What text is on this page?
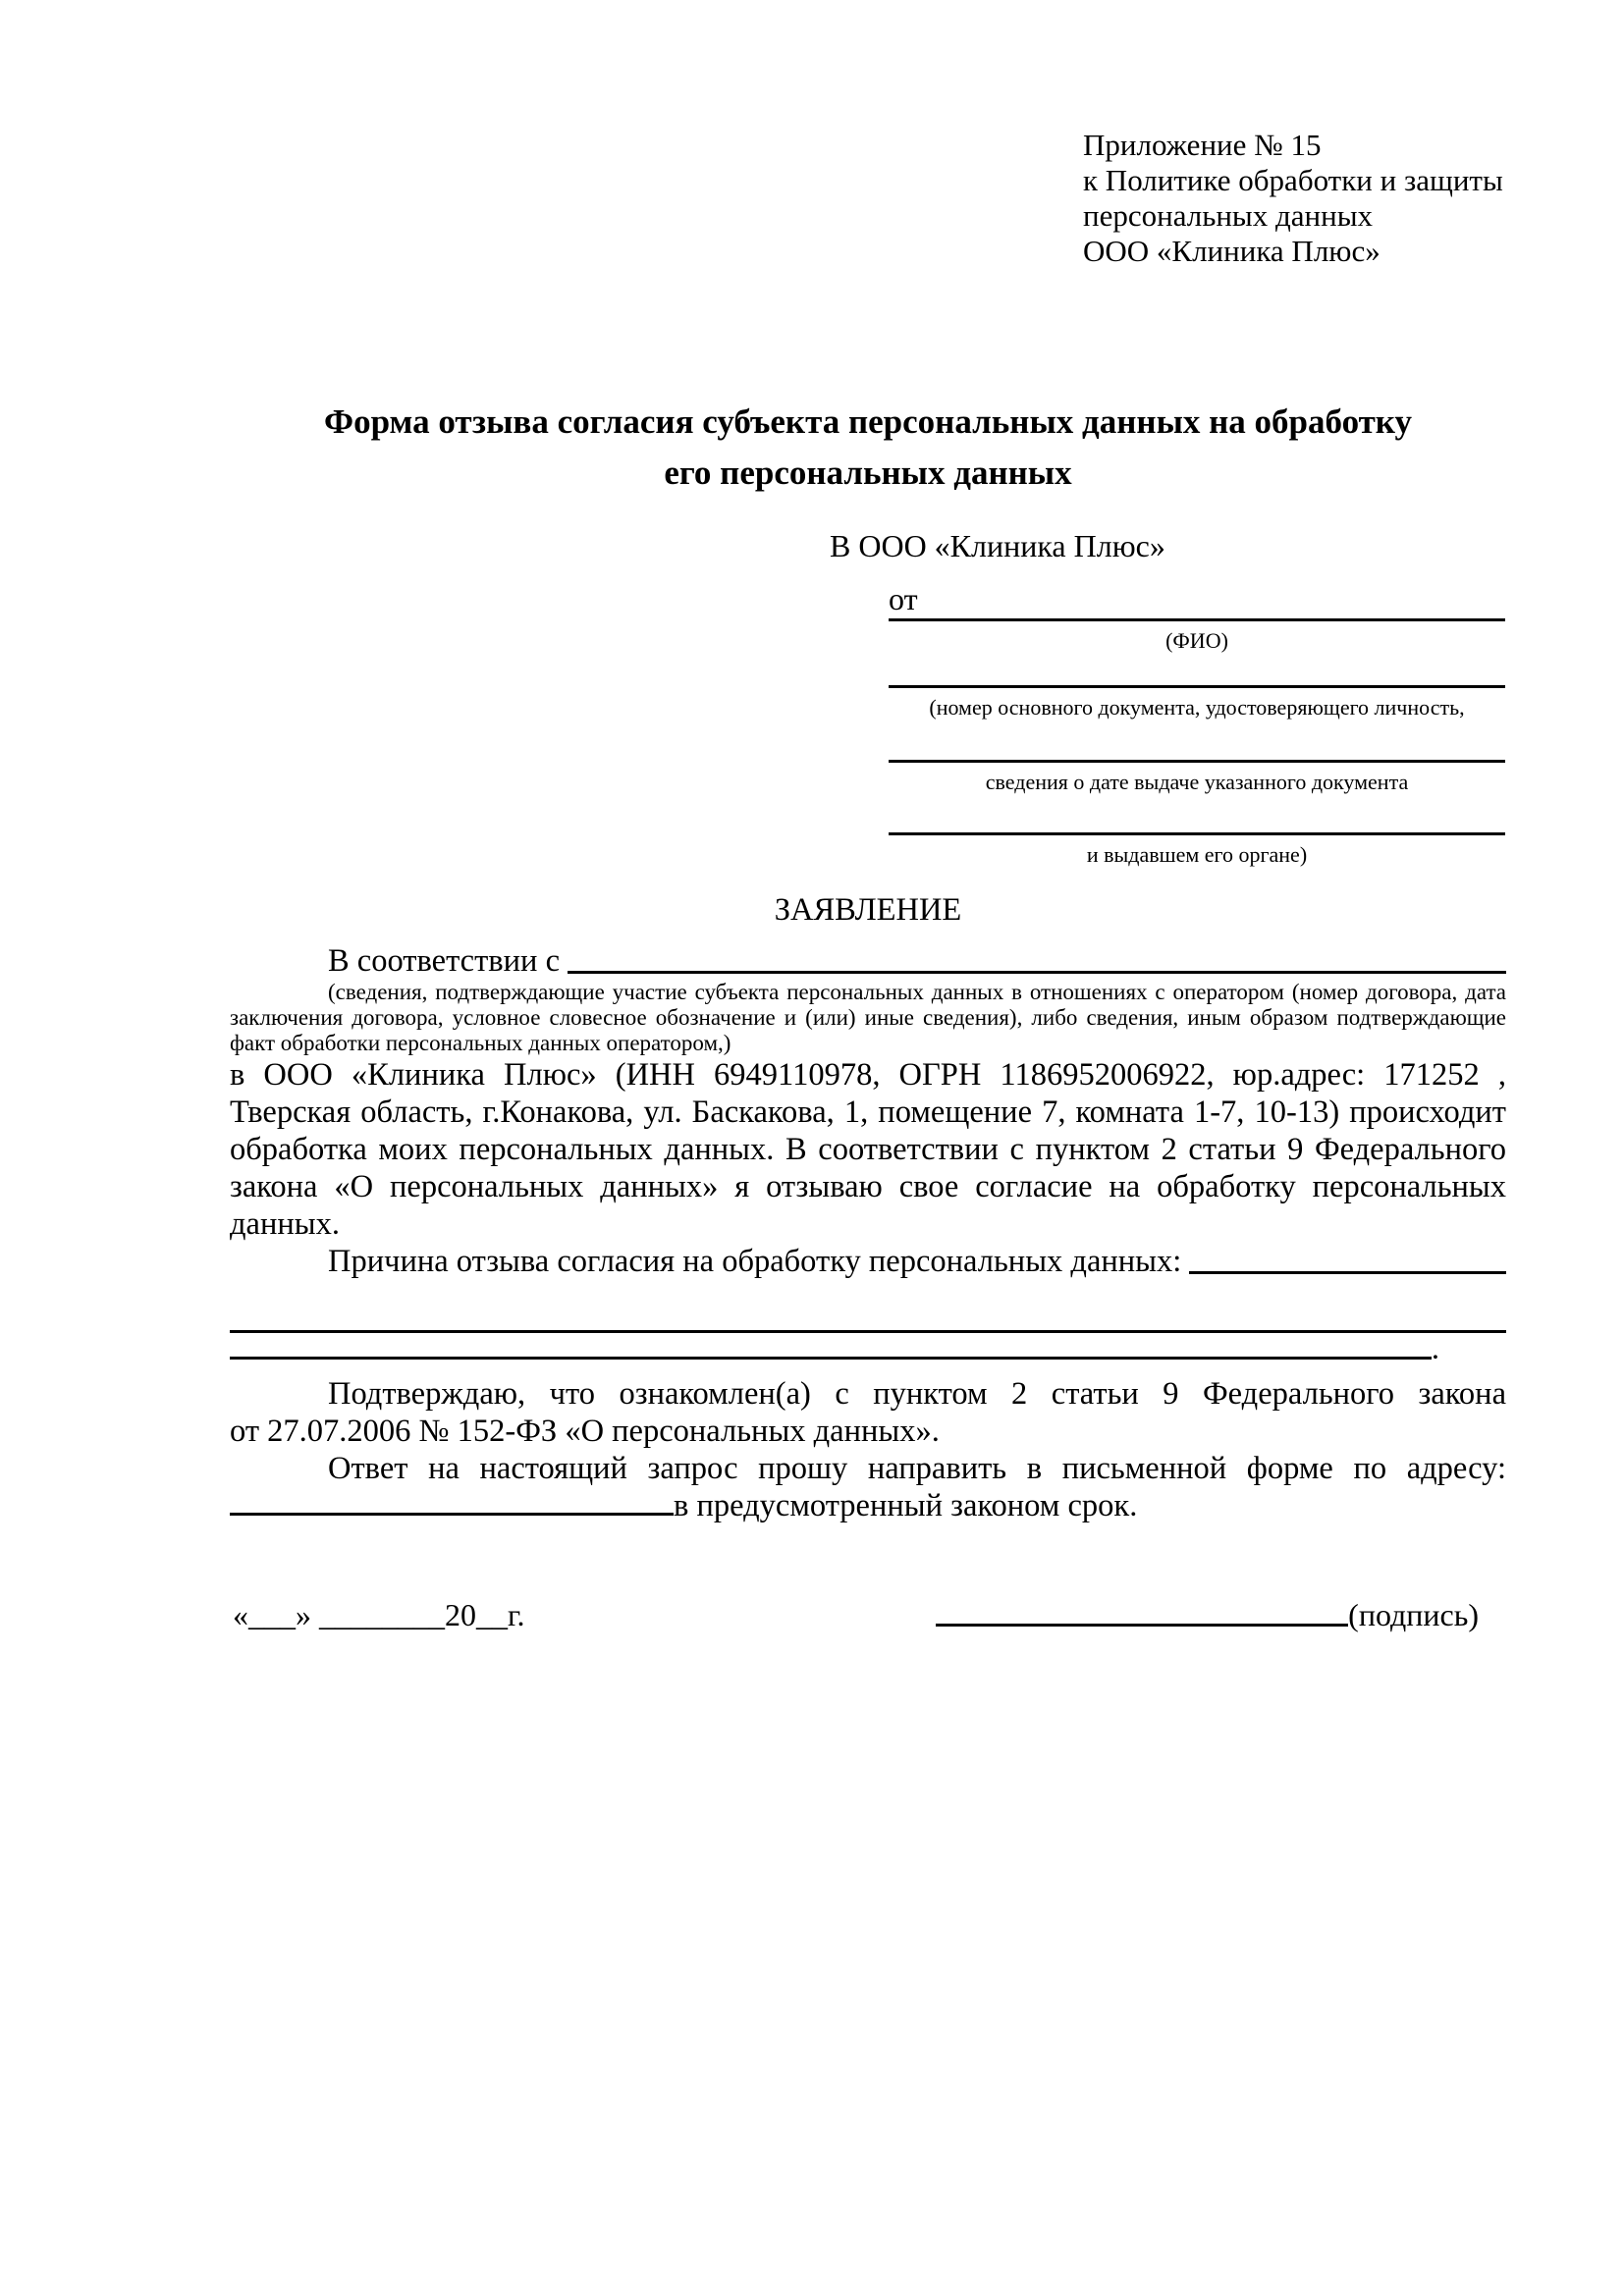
Приложение № 15
к Политике обработки и защиты
персональных данных
ООО «Клиника Плюс»
Форма отзыва согласия субъекта персональных данных на обработку
его персональных данных
В ООО «Клиника Плюс»
от
(ФИО)
(номер основного документа, удостоверяющего личность,
сведения о дате выдаче указанного документа
и выдавшем его органе)
ЗАЯВЛЕНИЕ
В соответствии с
(сведения, подтверждающие участие субъекта персональных данных в отношениях с оператором (номер договора, дата заключения договора, условное словесное обозначение и (или) иные сведения), либо сведения, иным образом подтверждающие факт обработки персональных данных оператором,)
в ООО «Клиника Плюс» (ИНН 6949110978, ОГРН 1186952006922, юр.адрес: 171252 , Тверская область, г.Конакова, ул. Баскакова, 1, помещение 7, комната 1-7, 10-13) происходит обработка моих персональных данных. В соответствии с пунктом 2 статьи 9 Федерального закона «О персональных данных» я отзываю свое согласие на обработку персональных данных.
Причина отзыва согласия на обработку персональных данных:
.
Подтверждаю, что ознакомлен(а) с пунктом 2 статьи 9 Федерального закона
от 27.07.2006 № 152-ФЗ «О персональных данных».
Ответ на настоящий запрос прошу направить в письменной форме по адресу: в предусмотренный законом срок.
«___» ________20__г.	(подпись)
